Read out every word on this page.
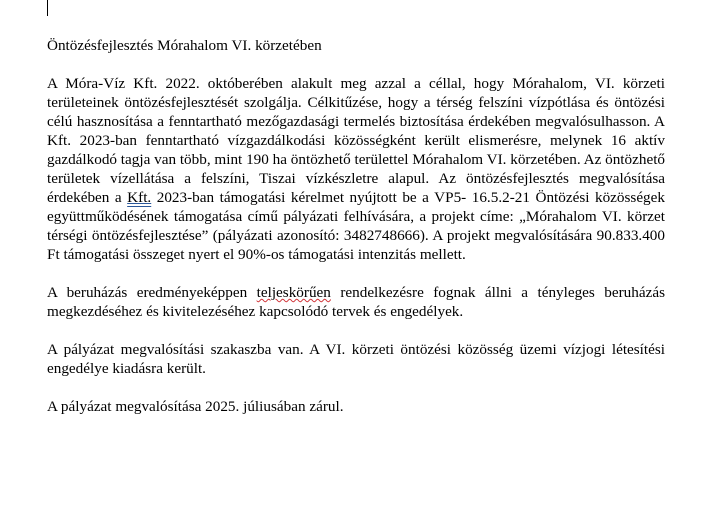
Öntözésfejlesztés Mórahalom VI. körzetében

A Móra-Víz Kft. 2022. októberében alakult meg azzal a céllal, hogy Mórahalom, VI. körzeti területeinek öntözésfejlesztését szolgálja. Célkitűzése, hogy a térség felszíni vízpótlása és öntözési célú hasznosítása a fenntartható mezőgazdasági termelés biztosítása érdekében megvalósulhasson. A Kft. 2023-ban fenntartható vízgazdálkodási közösségként került elismerésre, melynek 16 aktív gazdálkodó tagja van több, mint 190 ha öntözhető területtel Mórahalom VI. körzetében. Az öntözhető területek vízellátása a felszíni, Tiszai vízkészletre alapul. Az öntözésfejlesztés megvalósítása érdekében a Kft. 2023-ban támogatási kérelmet nyújtott be a VP5- 16.5.2-21 Öntözési közösségek együttműködésének támogatása című pályázati felhívására, a projekt címe: „Mórahalom VI. körzet térségi öntözésfejlesztése” (pályázati azonosító: 3482748666). A projekt megvalósítására 90.833.400 Ft támogatási összeget nyert el 90%-os támogatási intenzitás mellett.

A beruházás eredményeképpen teljeskörűen rendelkezésre fognak állni a tényleges beruházás megkezdéséhez és kivitelezéséhez kapcsolódó tervek és engedélyek.

A pályázat megvalósítási szakaszba van. A VI. körzeti öntözési közösség üzemi vízjogi létesítési engedélye kiadásra került.

A pályázat megvalósítása 2025. júliusában zárul.
